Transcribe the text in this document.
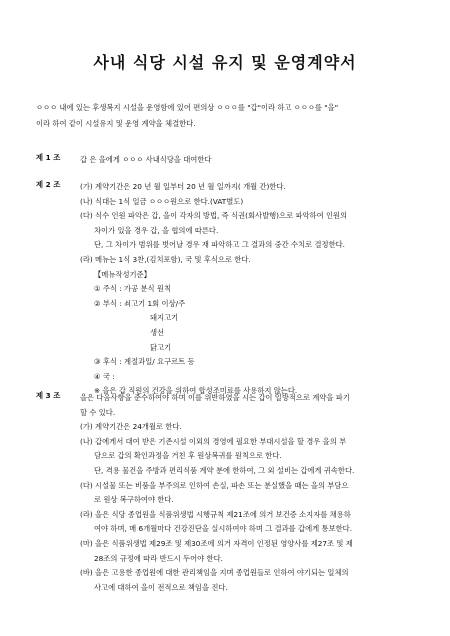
사내 식당 시설 유지 및 운영계약서
ㅇㅇㅇ 내에 있는 후생복지 시설을 운영함에 있어 편의상 ㅇㅇㅇ를 "갑"이라 하고 ㅇㅇㅇ를 "을"
이라 하여 같이 시설유지 및 운영 계약을 체결한다.
제 1 조	갑 은 을에게 ㅇㅇㅇ 사내식당을 대여한다
제 2 조	(가) 계약기간은 20 년 월 일부터 20 년 월 일까지( 개월 간)한다.
(나) 식대는 1식 일금 ㅇㅇㅇ원으로 한다.(VAT별도)
(다) 식수 인원 파악은 갑, 을이 각자의 방법, 즉 식권(회사발행)으로 파악하여 인원의
차이가 있을 경우 갑, 을 협의에 따른다.
단, 그 차이가 범위를 벗어날 경우 재 파악하고 그 결과의 중간 수치로 결정한다.
(라) 메뉴는 1식 3찬,(김치포함), 국 및 후식으로 한다.
【메뉴작성기준】
① 주식 : 가공 분식 원칙
② 부식 : 쇠고기 1회 이상/주
돼지고기
생선
닭고기
③ 후식 : 계절과일/ 요구르트 등
④ 국 :
※ 을은 갑 직원의 건강을 위하여 합성조미료를 사용하지 않는다.
제 3 조	을은 다음사항을 준수하여야 하며 이를 위반하였을 시는 갑이 일방적으로 계약을 파기
할 수 있다.
(가) 계약기간은 24개월로 한다.
(나) 갑에게서 대여 받은 기존시설 이외의 경영에 필요한 부대시설을 할 경우 을의 부
담으로 갑의 확인과정을 거친 후 원상복귀를 원칙으로 한다.
단, 격용 물건을 주방과 편리식품 계약 분에 한하여, 그 외 설비는 갑에게 귀속한다.
(다) 시설물 또는 비품을 부주의로 인하여 손실, 파손 또는 분실했을 때는 을의 부담으
로 원상 복구하여야 한다.
(라) 을은 식당 종업원을 식품위생법 시행규칙 제21조에 의거 보건증 소지자를 채용하
여야 하며, 매 6개월마다 건강진단을 실시하여야 하며 그 결과를 갑에게 통보한다.
(마) 을은 식품위생법 제29조 및 제30조에 의거 자격이 인정된 영양사를 제27조 및 제
28조의 규정에 따라 반드시 두어야 한다.
(바) 을은 고용한 종업원에 대한 관리책임을 지며 종업원들로 인하여 야기되는 일체의
사고에 대하여 을이 전적으로 책임을 진다.
